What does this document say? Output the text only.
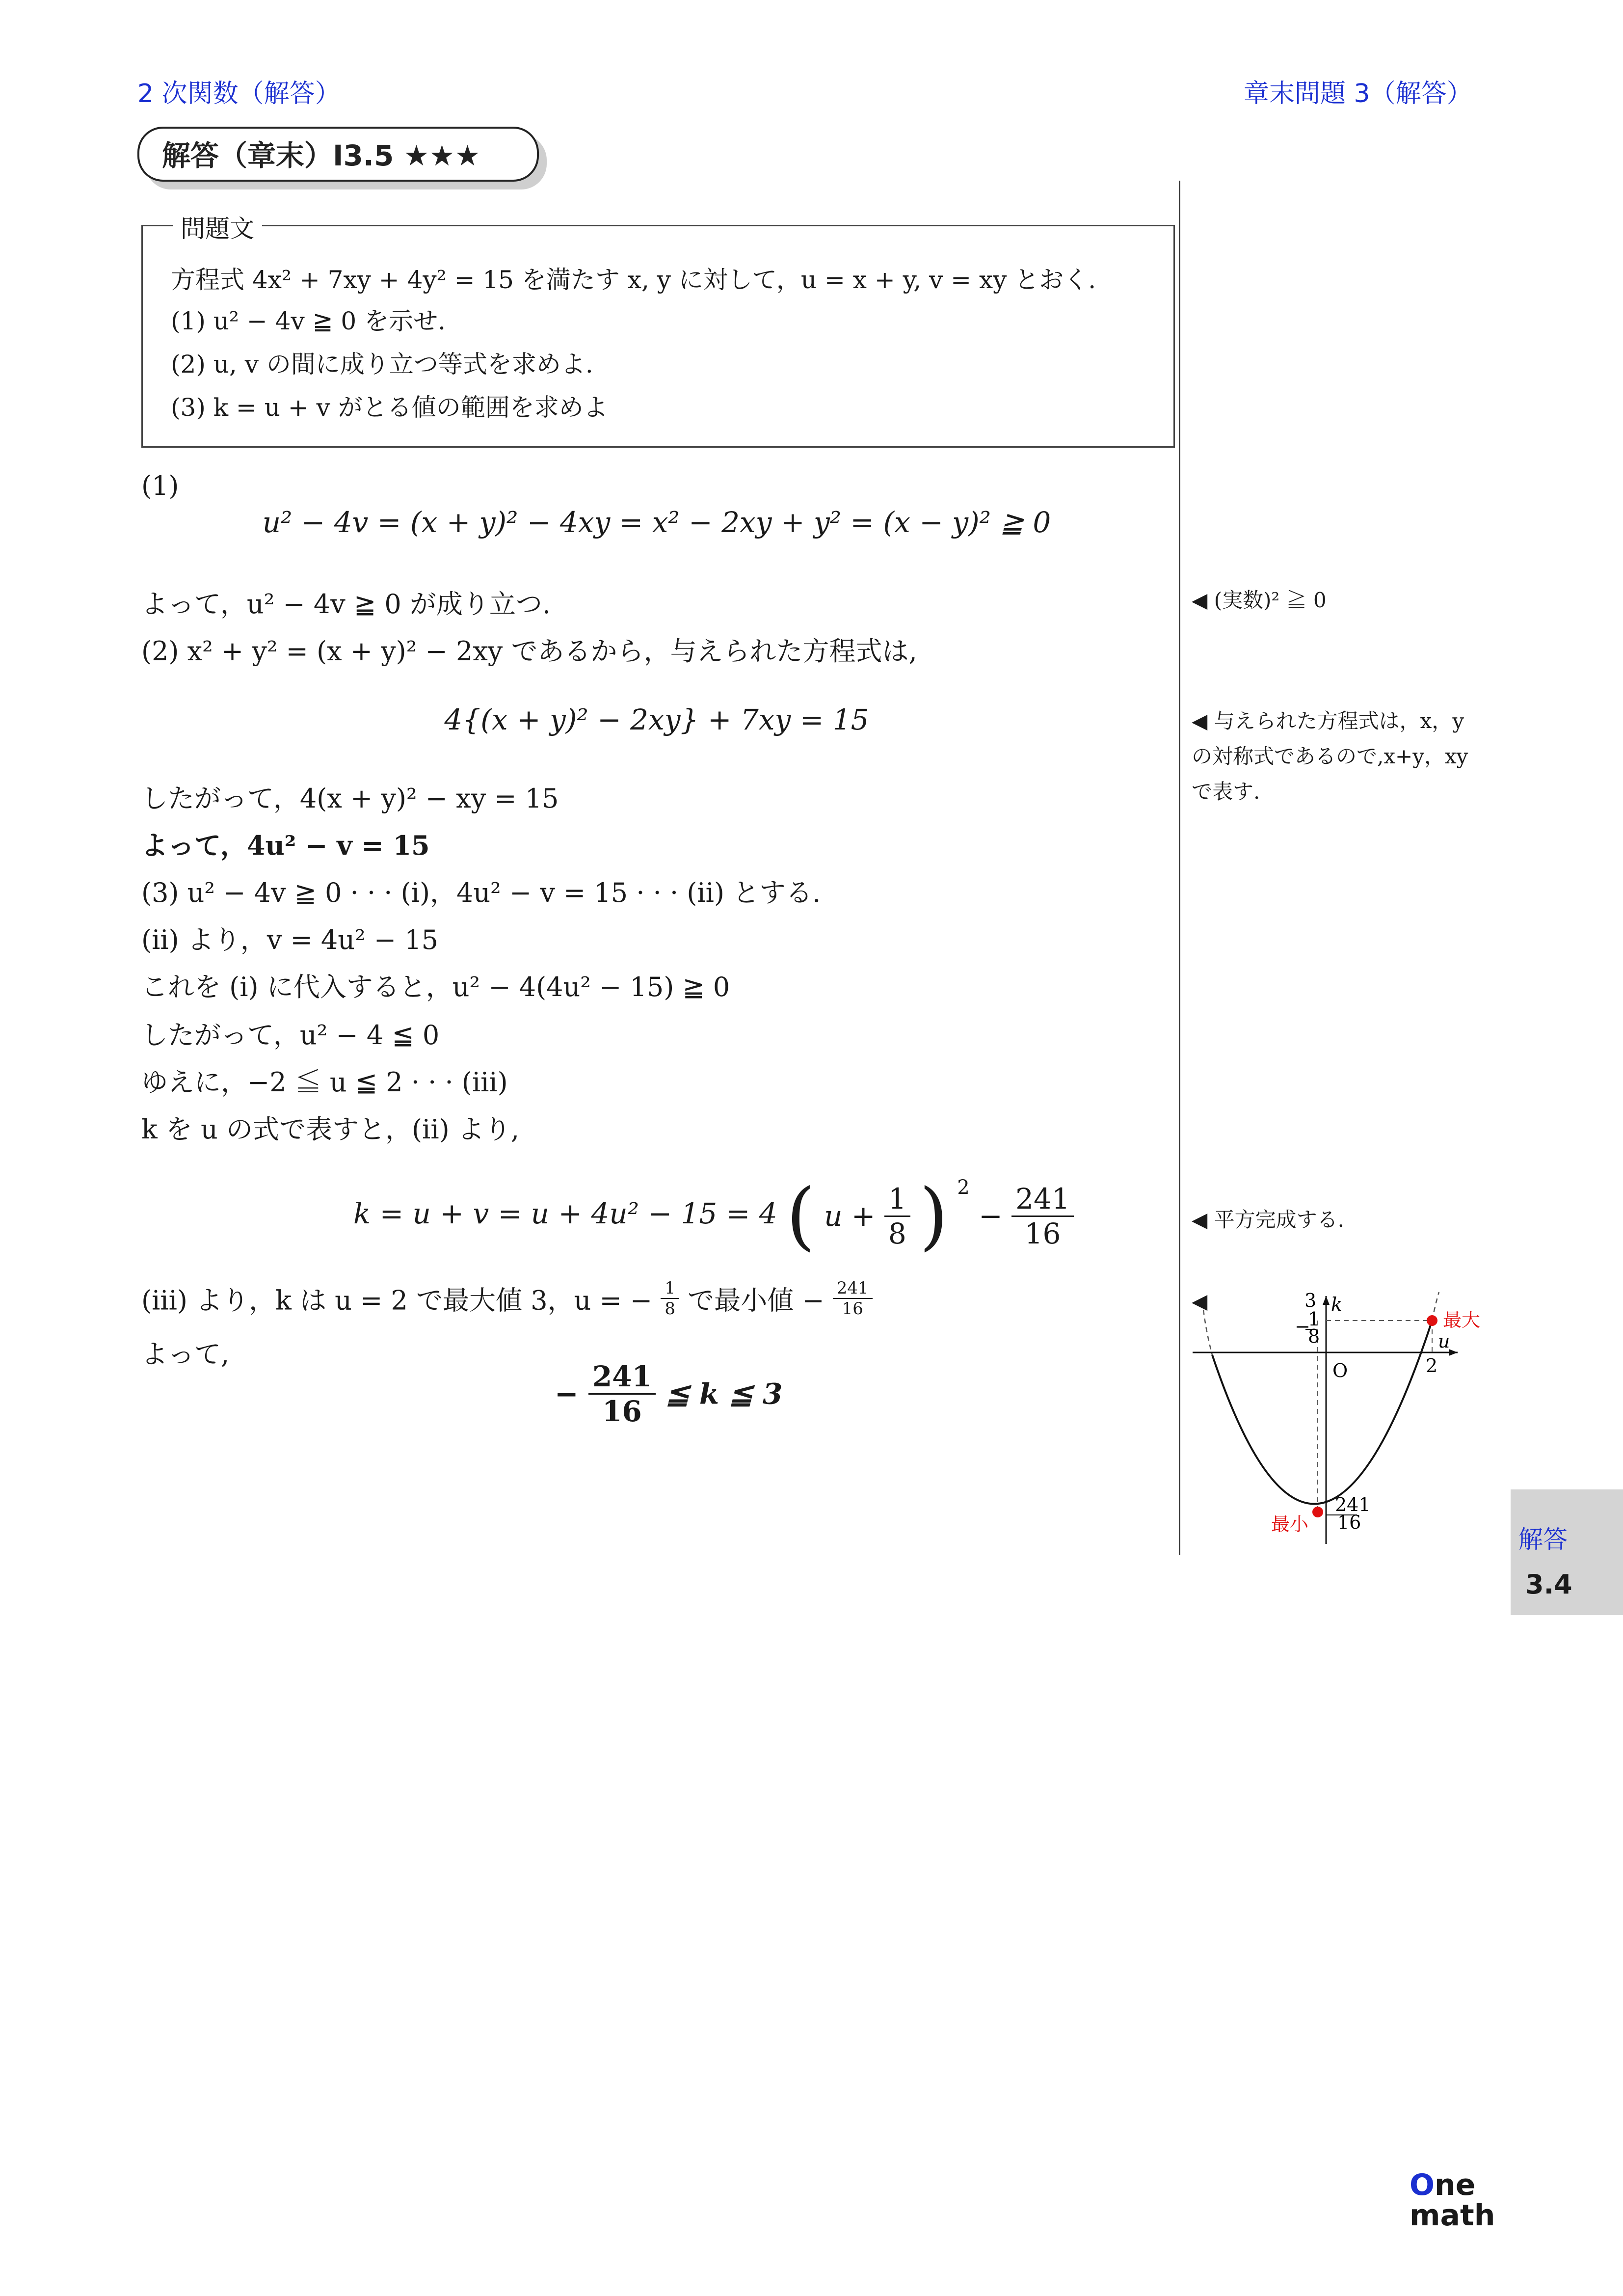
2 次関数（解答）	章末問題 3（解答）
解答（章末）I3.5 ★★★
問題文
方程式 4x² + 7xy + 4y² = 15 を満たす x, y に対して，u = x + y, v = xy とおく.
(1) u² − 4v ≧ 0 を示せ.
(2) u, v の間に成り立つ等式を求めよ.
(3) k = u + v がとる値の範囲を求めよ
(1)
u² − 4v = (x + y)² − 4xy = x² − 2xy + y² = (x − y)² ≧ 0
よって，u² − 4v ≧ 0 が成り立つ.
(2) x² + y² = (x + y)² − 2xy であるから，与えられた方程式は,
4{(x + y)² − 2xy} + 7xy = 15
したがって，4(x + y)² − xy = 15
よって，4u² − v = 15
(3) u² − 4v ≧ 0 · · · (i)，4u² − v = 15 · · · (ii) とする.
(ii) より，v = 4u² − 15
これを (i) に代入すると，u² − 4(4u² − 15) ≧ 0
したがって，u² − 4 ≦ 0
ゆえに，−2 ≦ u ≦ 2 · · · (iii)
k を u の式で表すと，(ii) より,
k = u + v = u + 4u² − 15 = 4 ( $u + \frac{1}{8}$ ) $^2 - \frac{241}{16}$
(iii) より，k は u = 2 で最大値 3，u = − $\frac{1}{8}$ で最小値 − $\frac{241}{16}$
よって,
− $\frac{241}{16}$ ≦ k ≦ 3
◀ (実数)² ≧ 0
◀ 与えられた方程式は，x，y
の対称式であるので,x+y，xy
で表す.
◀ 平方完成する.
◀	k
u
O
3
2
−
1
8
241
16
最大
最小
解答
3.4
One
math
